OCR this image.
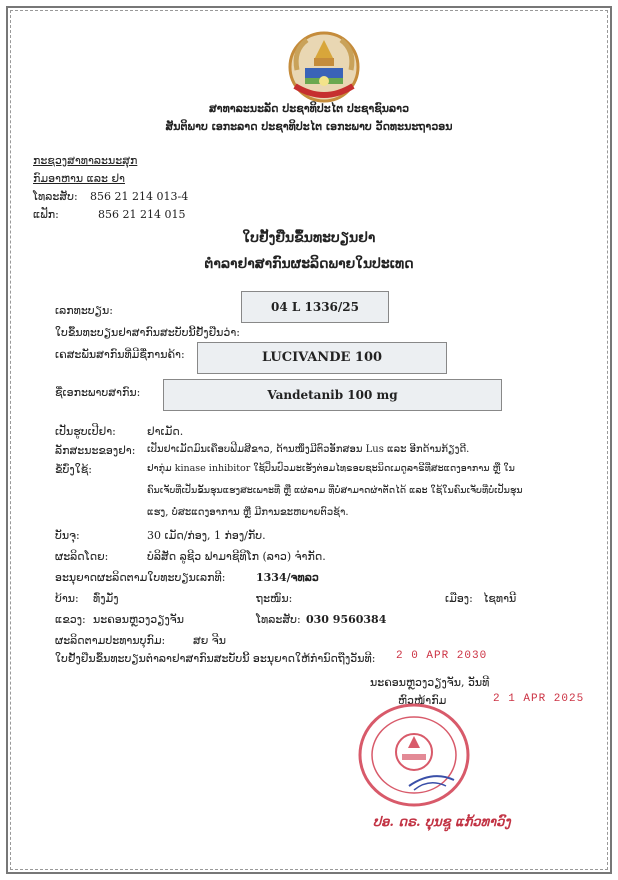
ສາທາລະນະລັດ ປະຊາທິປະໄຕ ປະຊາຊົນລາວ
ສັນຕິພາບ ເອກະລາດ ປະຊາທິປະໄຕ ເອກະພາບ ວັດທະນະຖາວອນ
ກະຊວງສາທາລະນະສຸກ
ກົມອາຫານ ແລະ ຢາ
ໂທລະສັບ: 856 21 214 013-4
ແຟັກ:	856 21 214 015
ໃບຢັ້ງຢືນຂຶ້ນທະບຽນຢາ
ຕຳລາຢາສາກົນຜະລິດພາຍໃນປະເທດ
ເລກທະບຽນ:	04 L 1336/25
ໃບຂຶ້ນທະບຽນຢາສາກົນສະບັບນີ້ຢັ້ງຢືນວ່າ:
ເຄສະພັນສາກົນທີ່ມີຊື່ການຄ້າ:	LUCIVANDE 100
ຊື່ເອກະພາບສາກົນ:	Vandetanib 100 mg
ເປັນຮູບເປີຢາ:	ຢາເມັດ.
ລັກສະນະຂອງຢາ: ເປັນຢາເມັດມົນເຄືອບຟີມສີຂາວ, ດ້ານໜຶ່ງມີຕົວອັກສອນ Lus ແລະ ອີກດ້ານກ້ຽງດີ.
ຂໍ້ບົ່ງໃຊ້:	ຢາກຸ່ມ kinase inhibitor ໃຊ້ປິ່ນປົວມະເຮັງຕ່ອມໄທຣອຍຊະນິດເມດູລາຣີທີ່ສະແດງອາການ ຫຼື ໃນ
ຄົນເຈັບທີ່ເປັນຂັ້ນຮຸນແຮງສະເພາະທີ່ ຫຼື ແຜ່ລາມ ທີ່ບໍ່ສາມາດຜ່າຕັດໄດ້ ແລະ ໃຊ້ໃນຄົນເຈັບທີ່ບໍ່ເປັນຮຸນ
ແຮງ, ບໍ່ສະແດງອາການ ຫຼື ມີການຂະຫຍາຍຕົວຊ້າ.
ບັນຈຸ:	30 ເມັດ/ກ່ອງ, 1 ກ່ອງ/ກັບ.
ຜະລິດໂດຍ:	ບໍລິສັດ ລູຊີວ ຟາມາຊີທິໂກ (ລາວ) ຈຳກັດ.
ອະນຸຍາດຜະລິດຕາມໃບທະບຽນເລກທີ:	1334/ຈທລວ
ບ້ານ: ທົ່ງມັ່ງ	ຖະໜົນ:	ເມືອງ: ໄຊທານີ
ແຂວງ: ນະຄອນຫຼວງວຽງຈັນ	ໂທລະສັບ: 030 9560384
ຜະລິດຕາມປະທານບຸກົມ:	ສຍ ຈີນ
ໃບຢັ້ງຢືນຂຶ້ນທະບຽນຕຳລາຢາສາກົນສະບັບນີ້ ອະນຸຍາດໃຫ້ກຳນົດຖືງວັນທີ: 2 0 APR 2030
ນະຄອນຫຼວງວຽງຈັນ, ວັນທີ
2 1 APR 2025
ຫົວໜ້າກົມ
ປອ. ດຣ. ບຸນຊູ ແກ້ວທາວົງ
